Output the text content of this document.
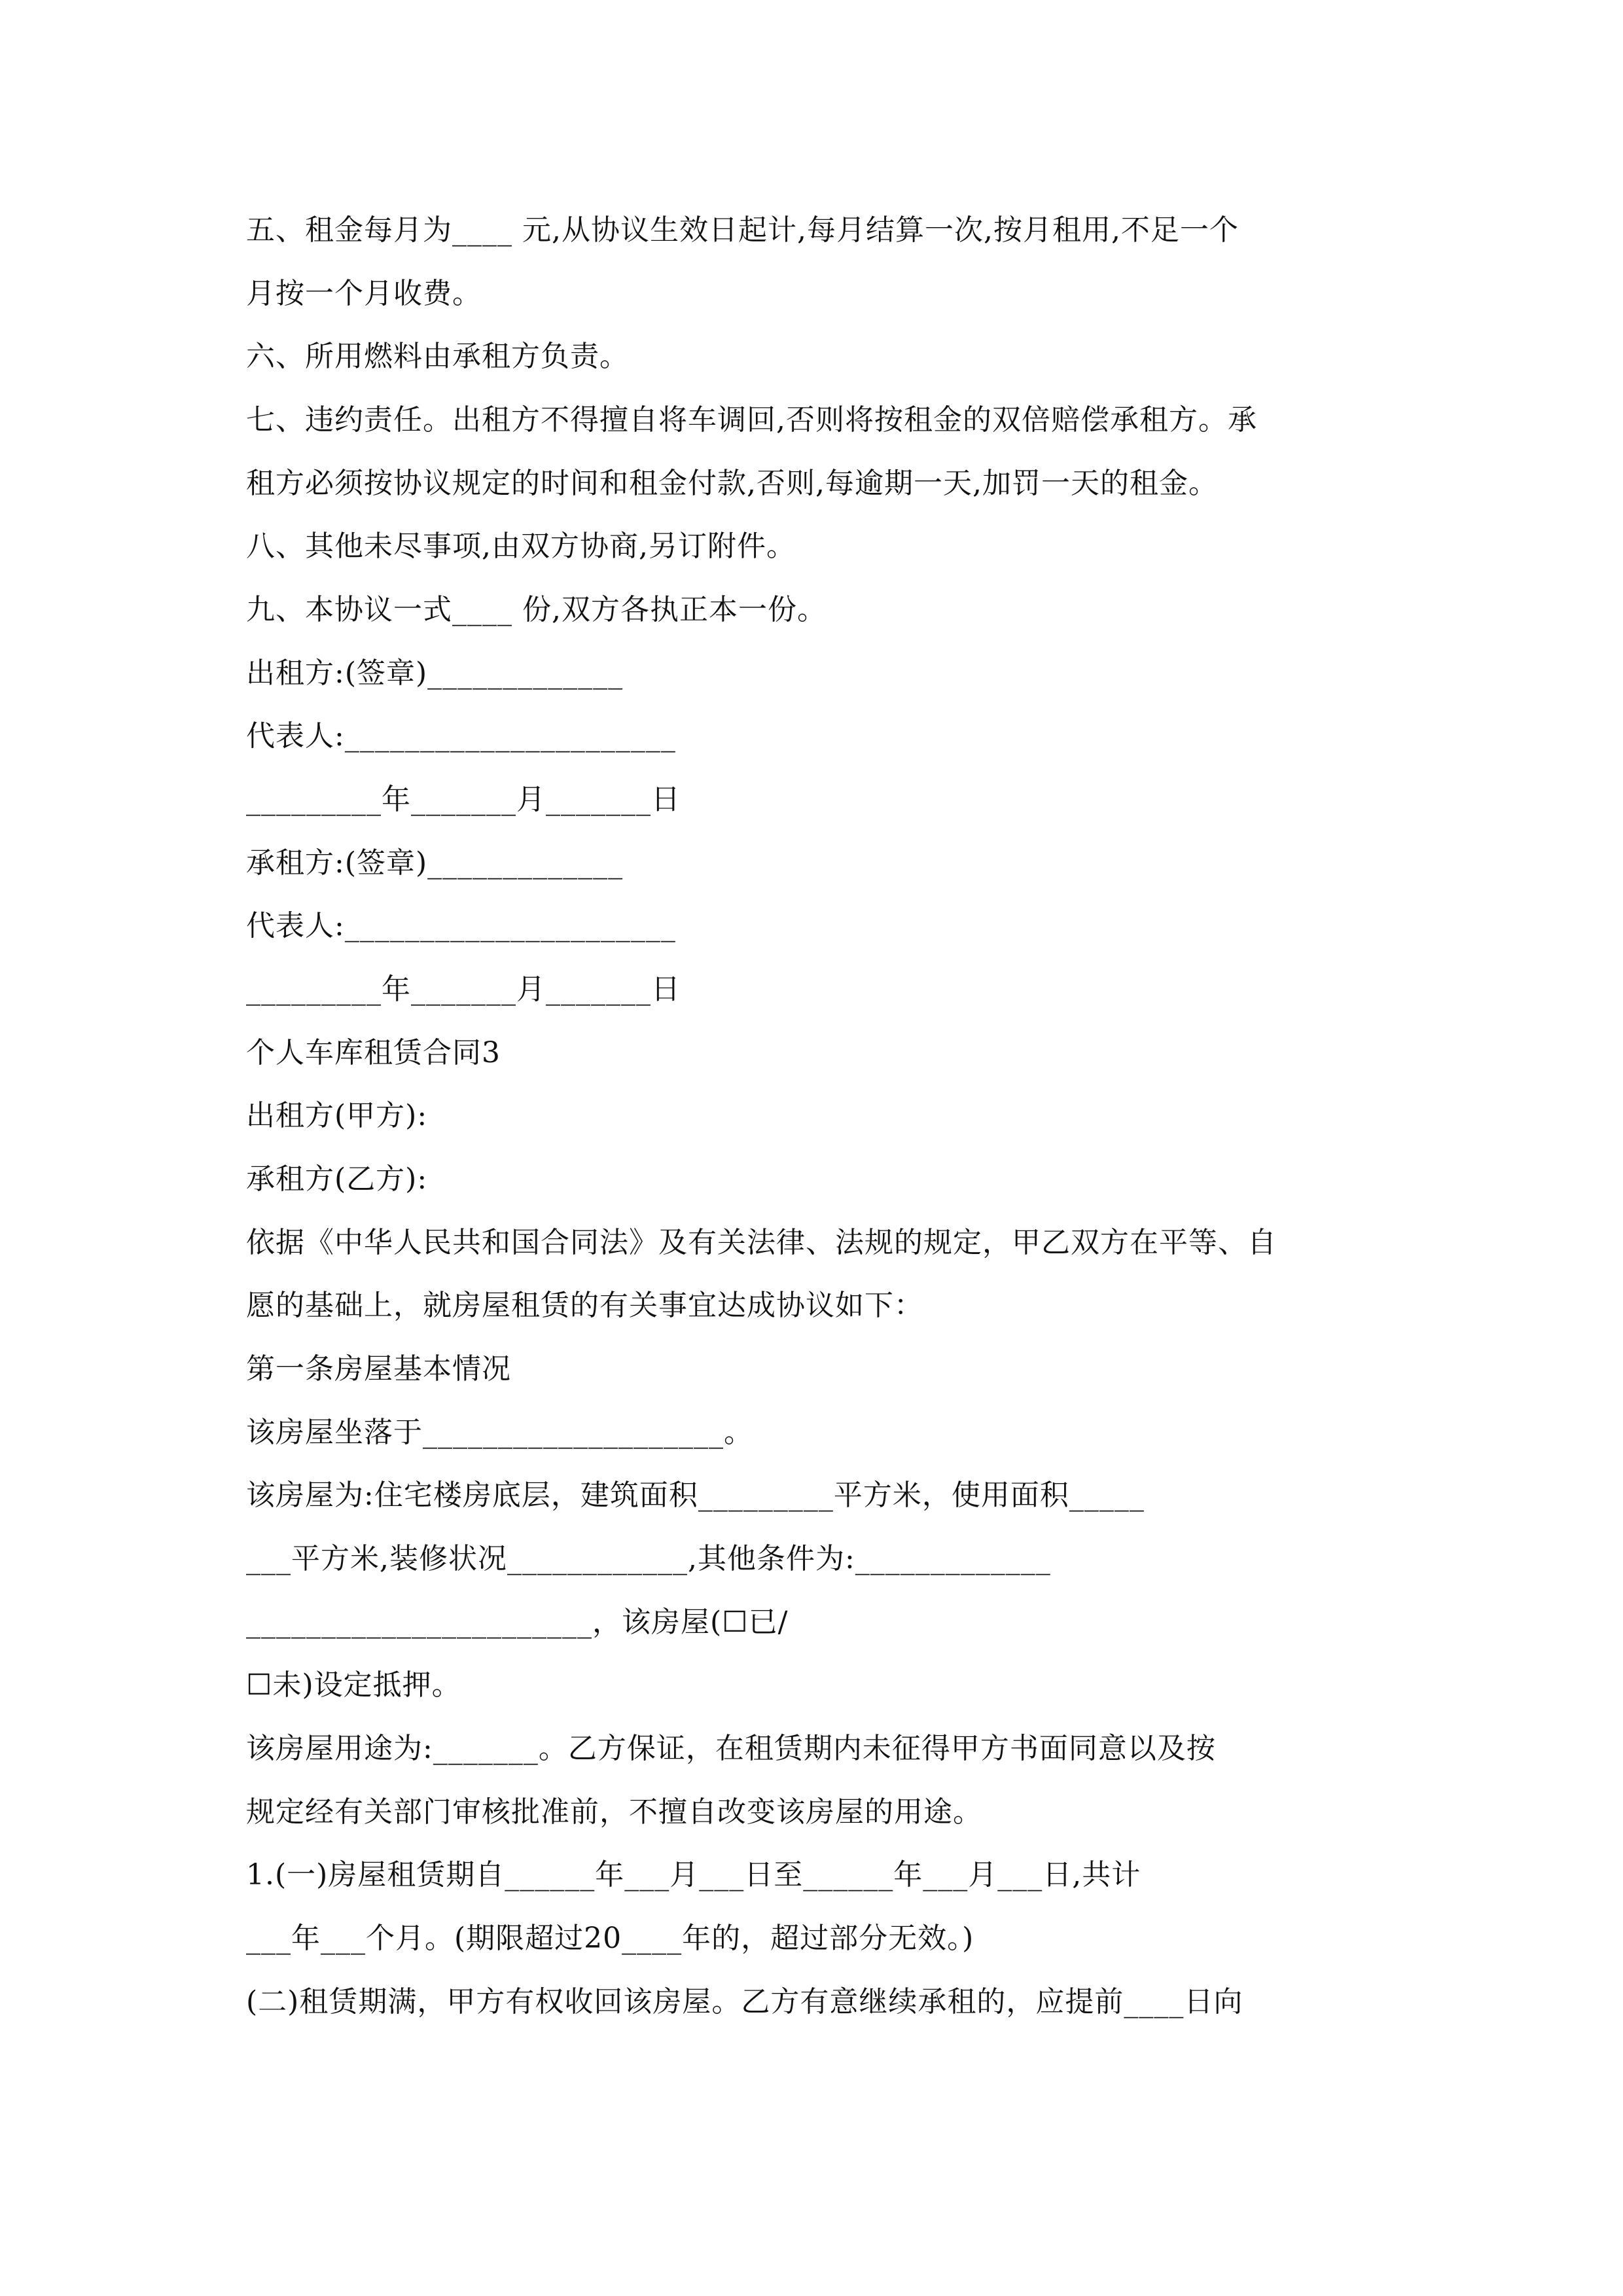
五、租金每月为____ 元,从协议生效日起计,每月结算一次,按月租用,不足一个
月按一个月收费。
六、所用燃料由承租方负责。
七、违约责任。出租方不得擅自将车调回,否则将按租金的双倍赔偿承租方。承
租方必须按协议规定的时间和租金付款,否则,每逾期一天,加罚一天的租金。
八、其他未尽事项,由双方协商,另订附件。
九、本协议一式____ 份,双方各执正本一份。
出租方:(签章)_____________
代表人:______________________
_________年_______月_______日
承租方:(签章)_____________
代表人:______________________
_________年_______月_______日
个人车库租赁合同3
出租方(甲方):
承租方(乙方):
依据《中华人民共和国合同法》及有关法律、法规的规定，甲乙双方在平等、自
愿的基础上，就房屋租赁的有关事宜达成协议如下：
第一条房屋基本情况
该房屋坐落于____________________。
该房屋为:住宅楼房底层，建筑面积_________平方米，使用面积_____
___平方米,装修状况____________,其他条件为:_____________
_______________________，该房屋(☐已/
☐未)设定抵押。
该房屋用途为:_______。乙方保证，在租赁期内未征得甲方书面同意以及按
规定经有关部门审核批准前，不擅自改变该房屋的用途。
1.(一)房屋租赁期自______年___月___日至______年___月___日,共计
___年___个月。(期限超过20____年的，超过部分无效。)
(二)租赁期满，甲方有权收回该房屋。乙方有意继续承租的，应提前____日向
